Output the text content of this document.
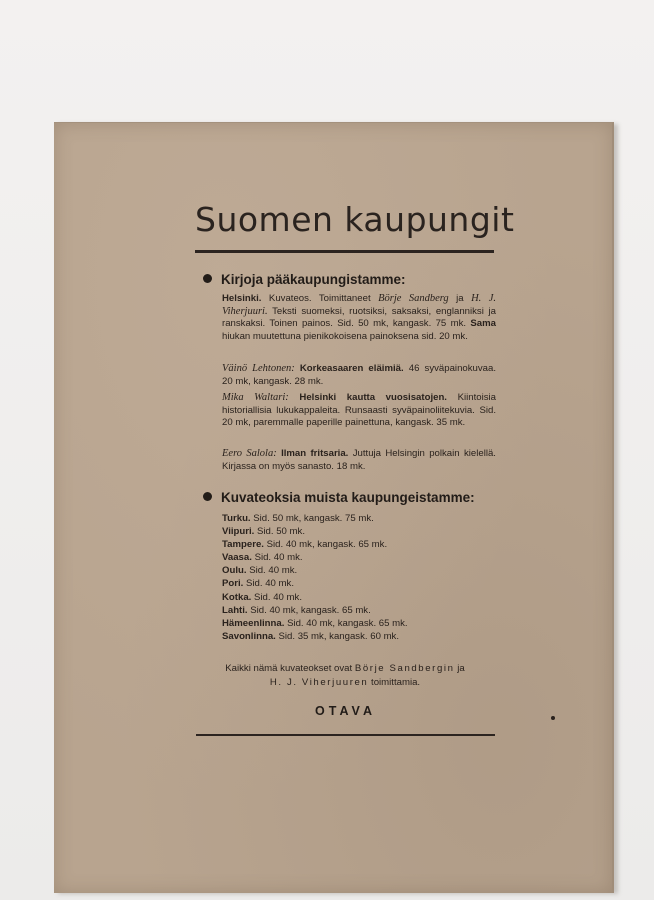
Suomen kaupungit
Kirjoja pääkaupungistamme:

Helsinki. Kuvateos. Toimittaneet Börje Sandberg ja H. J. Viherjuuri. Teksti suomeksi, ruotsiksi, saksaksi, englanniksi ja ranskaksi. Toinen painos. Sid. 50 mk, kangask. 75 mk. Sama hiukan muutettuna pienikokoisena painoksena sid. 20 mk.

Väinö Lehtonen: Korkeasaaren eläimiä. 46 syväpainokuvaa. 20 mk, kangask. 28 mk.

Mika Waltari: Helsinki kautta vuosisatojen. Kiintoisia historiallisia lukukappaleita. Runsaasti syväpainoliitekuvia. Sid. 20 mk, paremmalle paperille painettuna, kangask. 35 mk.

Eero Salola: Ilman fritsaria. Juttuja Helsingin polkain kielellä. Kirjassa on myös sanasto. 18 mk.

Kuvateoksia muista kaupungeistamme:
Turku. Sid. 50 mk, kangask. 75 mk.
Viipuri. Sid. 50 mk.
Tampere. Sid. 40 mk, kangask. 65 mk.
Vaasa. Sid. 40 mk.
Oulu. Sid. 40 mk.
Pori. Sid. 40 mk.
Kotka. Sid. 40 mk.
Lahti. Sid. 40 mk, kangask. 65 mk.
Hämeenlinna. Sid. 40 mk, kangask. 65 mk.
Savonlinna. Sid. 35 mk, kangask. 60 mk.
Kaikki nämä kuvateokset ovat Börje Sandbergin ja
H. J. Viherjuuren toimittamia.
OTAVA
